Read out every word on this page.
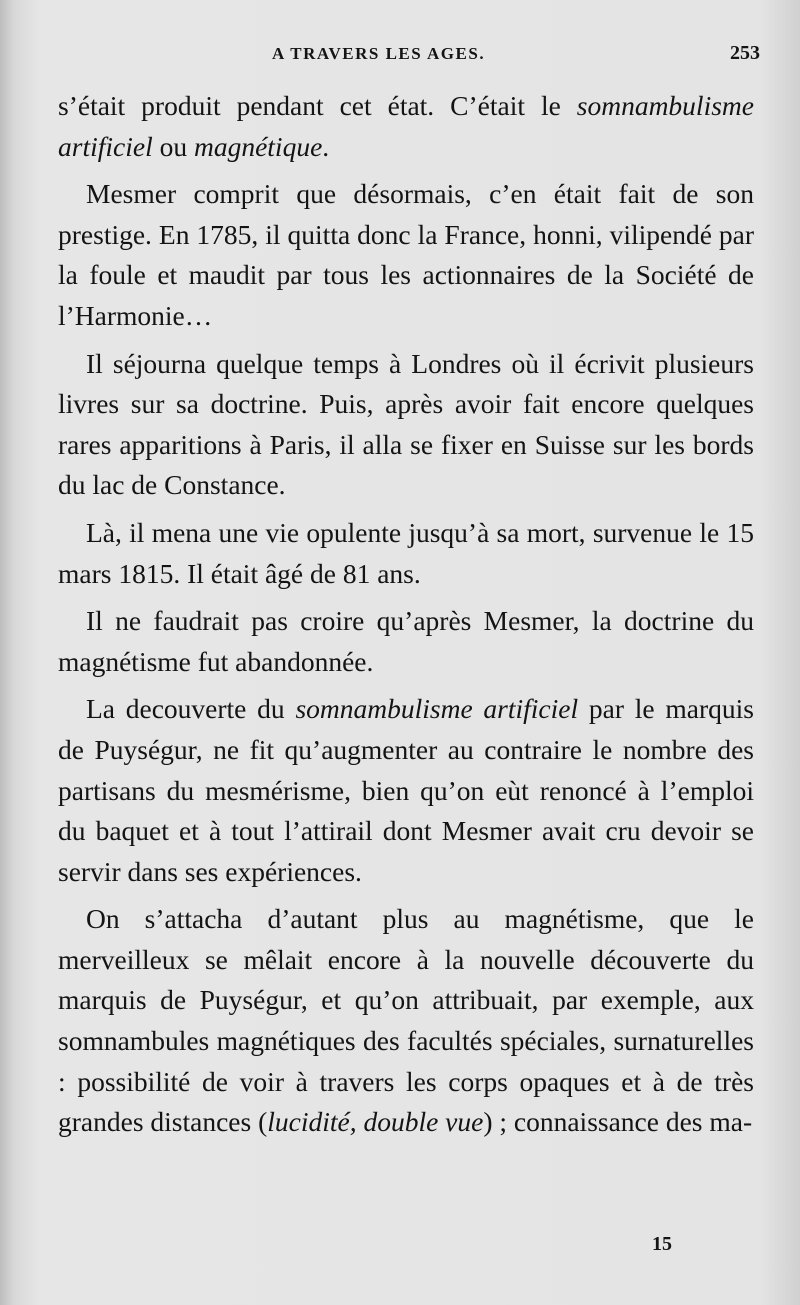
A TRAVERS LES AGES.	253

s’était produit pendant cet état. C’était le somnambulisme artificiel ou magnétique.

Mesmer comprit que désormais, c’en était fait de son prestige. En 1785, il quitta donc la France, honni, vilipendé par la foule et maudit par tous les actionnaires de la Société de l’Harmonie…

Il séjourna quelque temps à Londres où il écrivit plusieurs livres sur sa doctrine. Puis, après avoir fait encore quelques rares apparitions à Paris, il alla se fixer en Suisse sur les bords du lac de Constance.

Là, il mena une vie opulente jusqu’à sa mort, survenue le 15 mars 1815. Il était âgé de 81 ans.

Il ne faudrait pas croire qu’après Mesmer, la doctrine du magnétisme fut abandonnée.

La decouverte du somnambulisme artificiel par le marquis de Puységur, ne fit qu’augmenter au contraire le nombre des partisans du mesmérisme, bien qu’on eùt renoncé à l’emploi du baquet et à tout l’attirail dont Mesmer avait cru devoir se servir dans ses expériences.

On s’attacha d’autant plus au magnétisme, que le merveilleux se mêlait encore à la nouvelle découverte du marquis de Puységur, et qu’on attribuait, par exemple, aux somnambules magnétiques des facultés spéciales, surnaturelles : possibilité de voir à travers les corps opaques et à de très grandes distances (lucidité, double vue) ; connaissance des ma-

15
